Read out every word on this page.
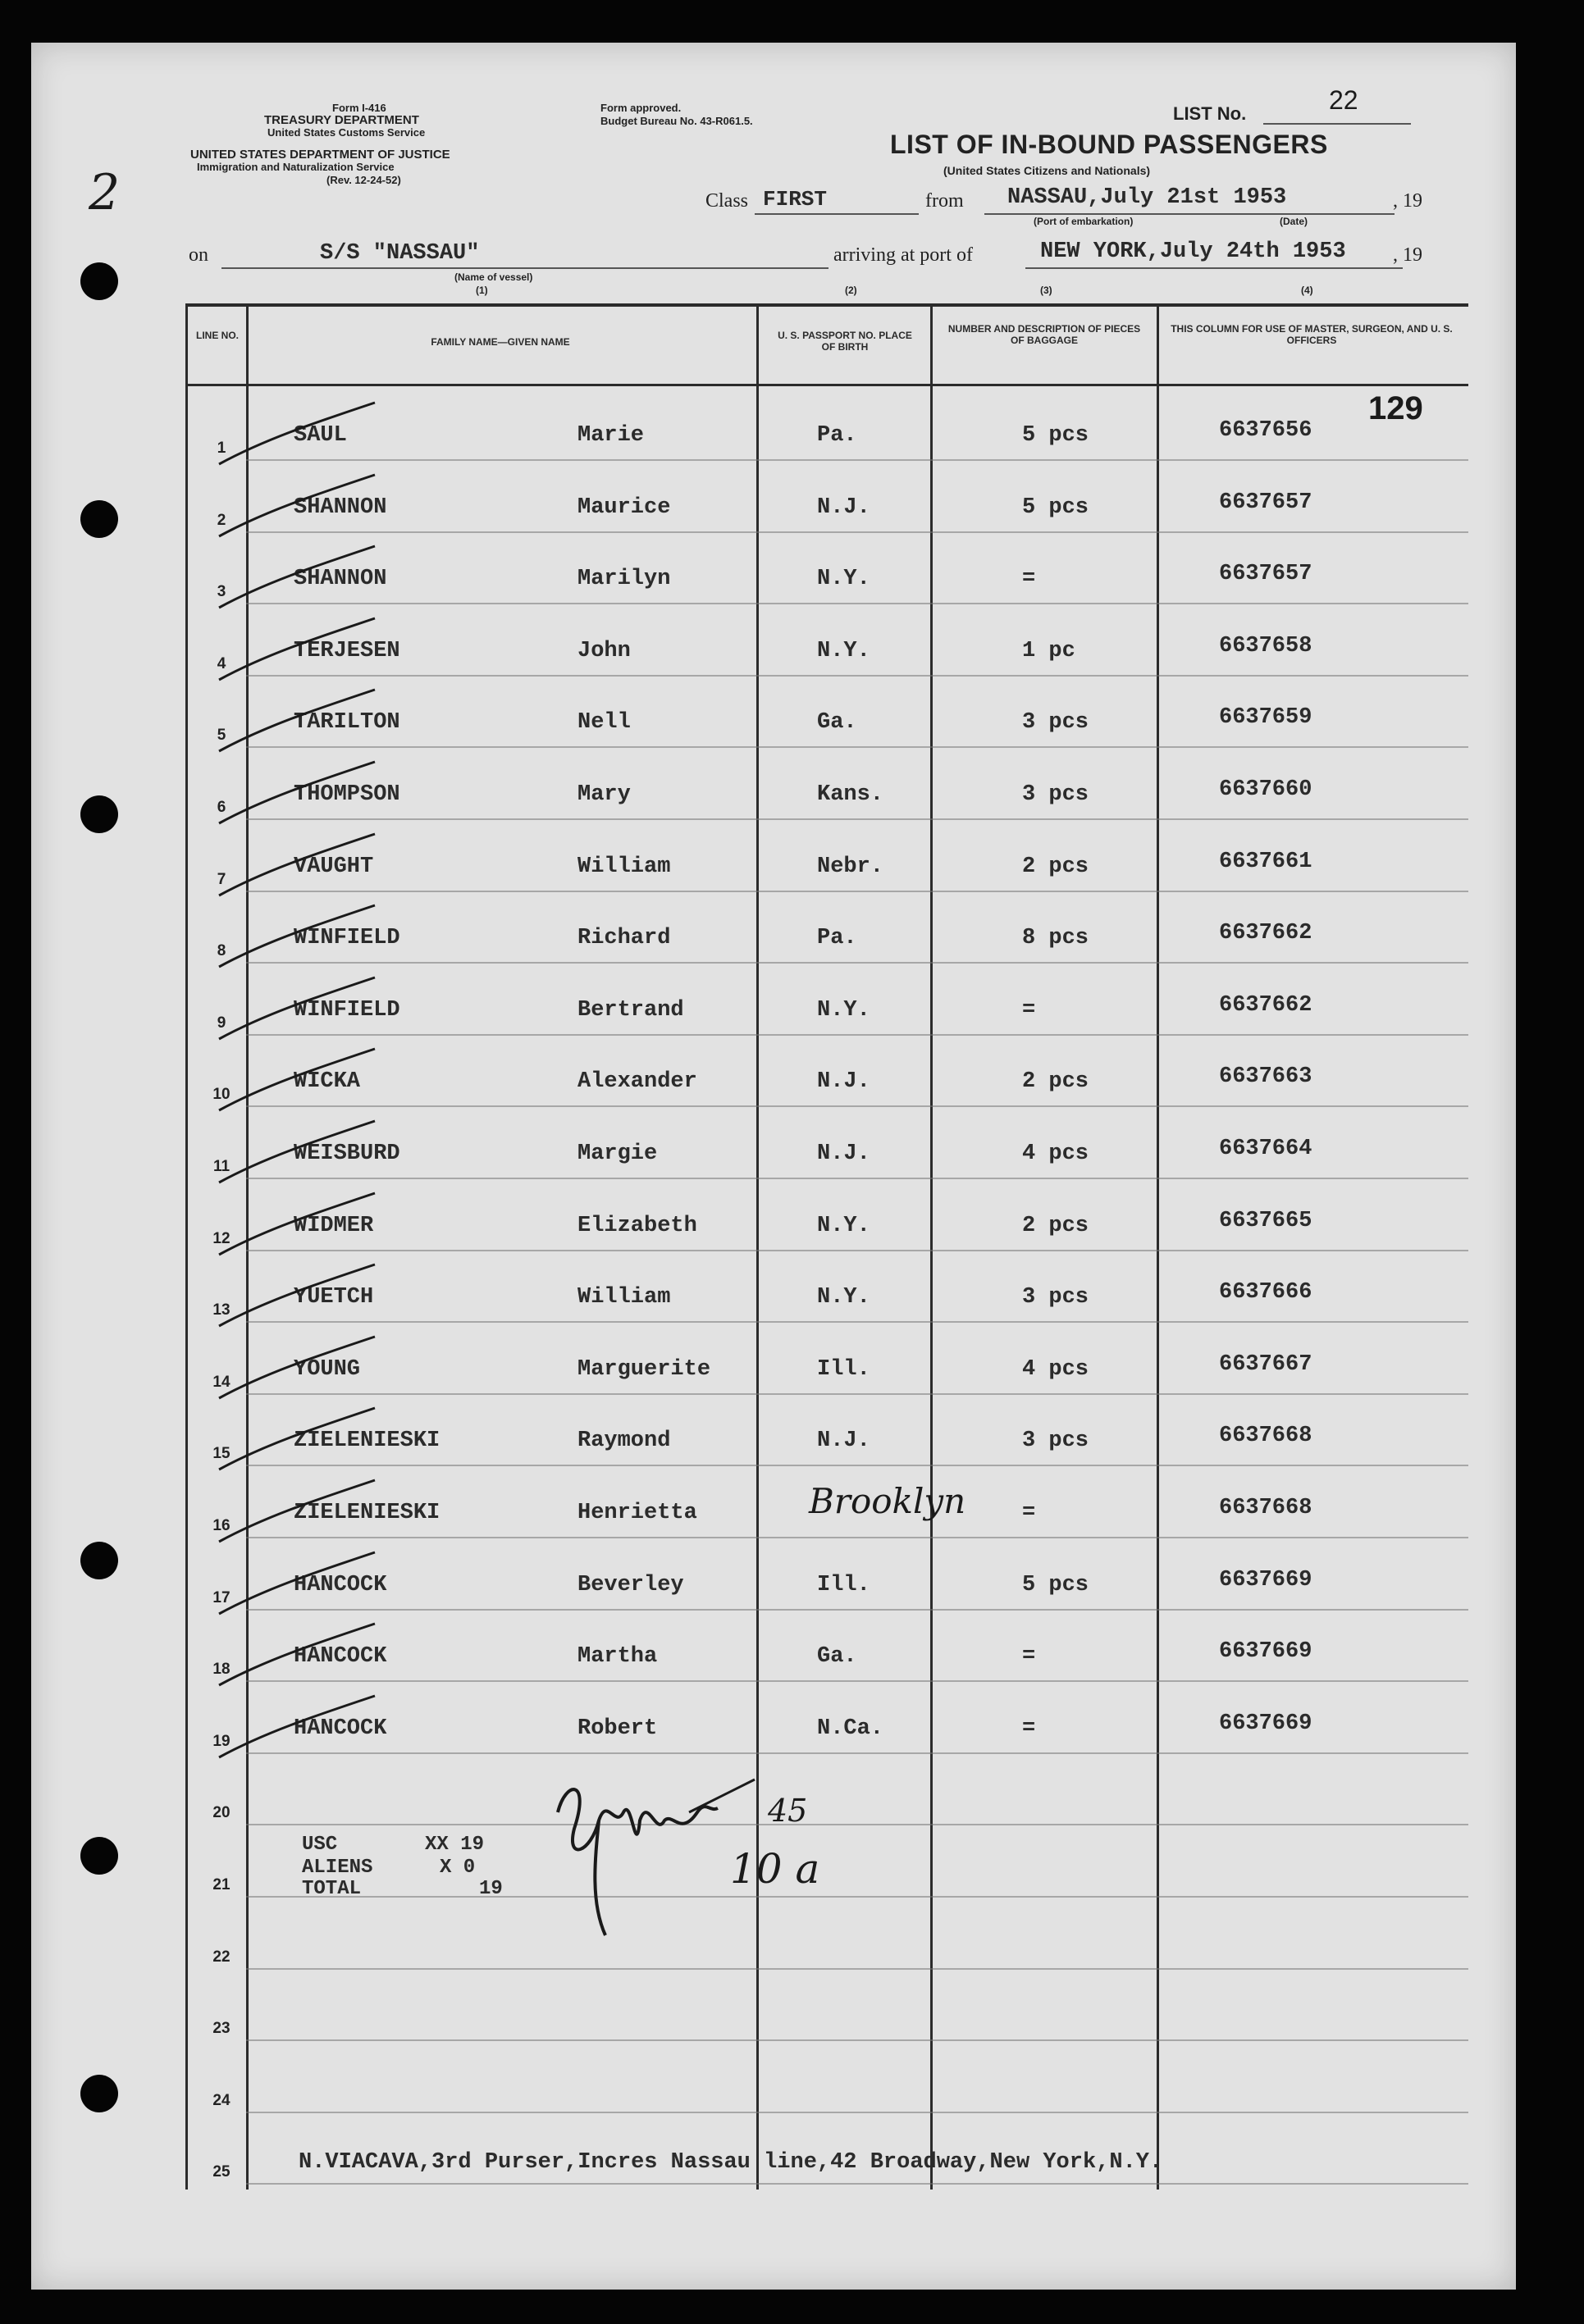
Form I-416
TREASURY DEPARTMENT
United States Customs Service
UNITED STATES DEPARTMENT OF JUSTICE
Immigration and Naturalization Service
(Rev. 12-24-52)
2
Form approved.
Budget Bureau No. 43-R061.5.	LIST No.	22
LIST OF IN-BOUND PASSENGERS
(United States Citizens and Nationals)
Class FIRST	from NASSAU,July 21st 1953	, 19
(Port of embarkation)	(Date)
on	S/S "NASSAU"
(Name of vessel)
(1)
arriving at port of	NEW YORK,July 24th 1953 , 19
(2)	(3)	(4)
LINE NO.
FAMILY NAME—GIVEN NAME
U. S. PASSPORT NO. PLACE OF BIRTH
NUMBER AND DESCRIPTION OF PIECES OF BAGGAGE
THIS COLUMN FOR USE OF MASTER, SURGEON, AND U. S. OFFICERS
129
1
SAUL	Marie	Pa.	5 pcs	6637656
2
SHANNON	Maurice	N.J.	5 pcs	6637657
3
SHANNON	Marilyn	N.Y.	=	6637657
4
TERJESEN	John	N.Y.	1 pc	6637658
5
TARILTON	Nell	Ga.	3 pcs	6637659
6
THOMPSON	Mary	Kans.	3 pcs	6637660
7
VAUGHT	William	Nebr.	2 pcs	6637661
8
WINFIELD	Richard	Pa.	8 pcs	6637662
9
WINFIELD	Bertrand	N.Y.	=	6637662
10
WICKA	Alexander	N.J.	2 pcs	6637663
11
WEISBURD	Margie	N.J.	4 pcs	6637664
12
WIDMER	Elizabeth	N.Y.	2 pcs	6637665
13
YUETCH	William	N.Y.	3 pcs	6637666
14
YOUNG	Marguerite	Ill.	4 pcs	6637667
15
ZIELENIESKI	Raymond	N.J.	3 pcs	6637668
16
ZIELENIESKI	Henrietta	Brooklyn	=	6637668
17
HANCOCK	Beverley	Ill.	5 pcs	6637669
18
HANCOCK	Martha	Ga.	=	6637669
19
HANCOCK	Robert	N.Ca.	=	6637669
20
21
22
23
24
25
USC	XX 19
ALIENS	X 0
TOTAL	19
45
10 a
N.VIACAVA,3rd Purser,Incres Nassau line,42 Broadway,New York,N.Y.
